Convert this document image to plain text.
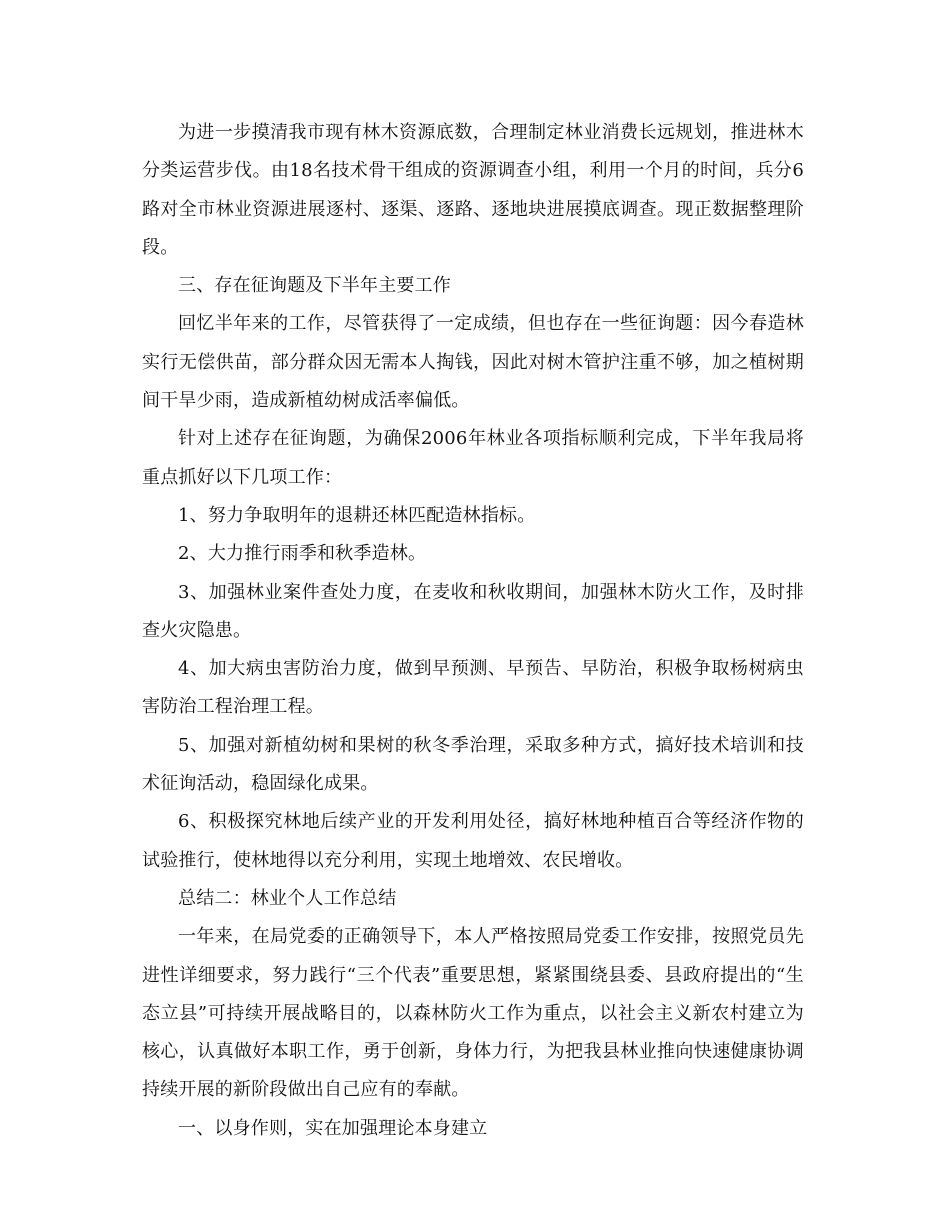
为进一步摸清我市现有林木资源底数，合理制定林业消费长远规划，推进林木分类运营步伐。由18名技术骨干组成的资源调查小组，利用一个月的时间，兵分6路对全市林业资源进展逐村、逐渠、逐路、逐地块进展摸底调查。现正数据整理阶段。

三、存在征询题及下半年主要工作

回忆半年来的工作，尽管获得了一定成绩，但也存在一些征询题：因今春造林实行无偿供苗，部分群众因无需本人掏钱，因此对树木管护注重不够，加之植树期间干旱少雨，造成新植幼树成活率偏低。

针对上述存在征询题，为确保2006年林业各项指标顺利完成，下半年我局将重点抓好以下几项工作：

1、努力争取明年的退耕还林匹配造林指标。

2、大力推行雨季和秋季造林。

3、加强林业案件查处力度，在麦收和秋收期间，加强林木防火工作，及时排查火灾隐患。

4、加大病虫害防治力度，做到早预测、早预告、早防治，积极争取杨树病虫害防治工程治理工程。

5、加强对新植幼树和果树的秋冬季治理，采取多种方式，搞好技术培训和技术征询活动，稳固绿化成果。

6、积极探究林地后续产业的开发利用处径，搞好林地种植百合等经济作物的试验推行，使林地得以充分利用，实现土地增效、农民增收。

总结二：林业个人工作总结

一年来，在局党委的正确领导下，本人严格按照局党委工作安排，按照党员先进性详细要求，努力践行“三个代表”重要思想，紧紧围绕县委、县政府提出的“生态立县”可持续开展战略目的，以森林防火工作为重点，以社会主义新农村建立为核心，认真做好本职工作，勇于创新，身体力行，为把我县林业推向快速健康协调持续开展的新阶段做出自己应有的奉献。

一、以身作则，实在加强理论本身建立
